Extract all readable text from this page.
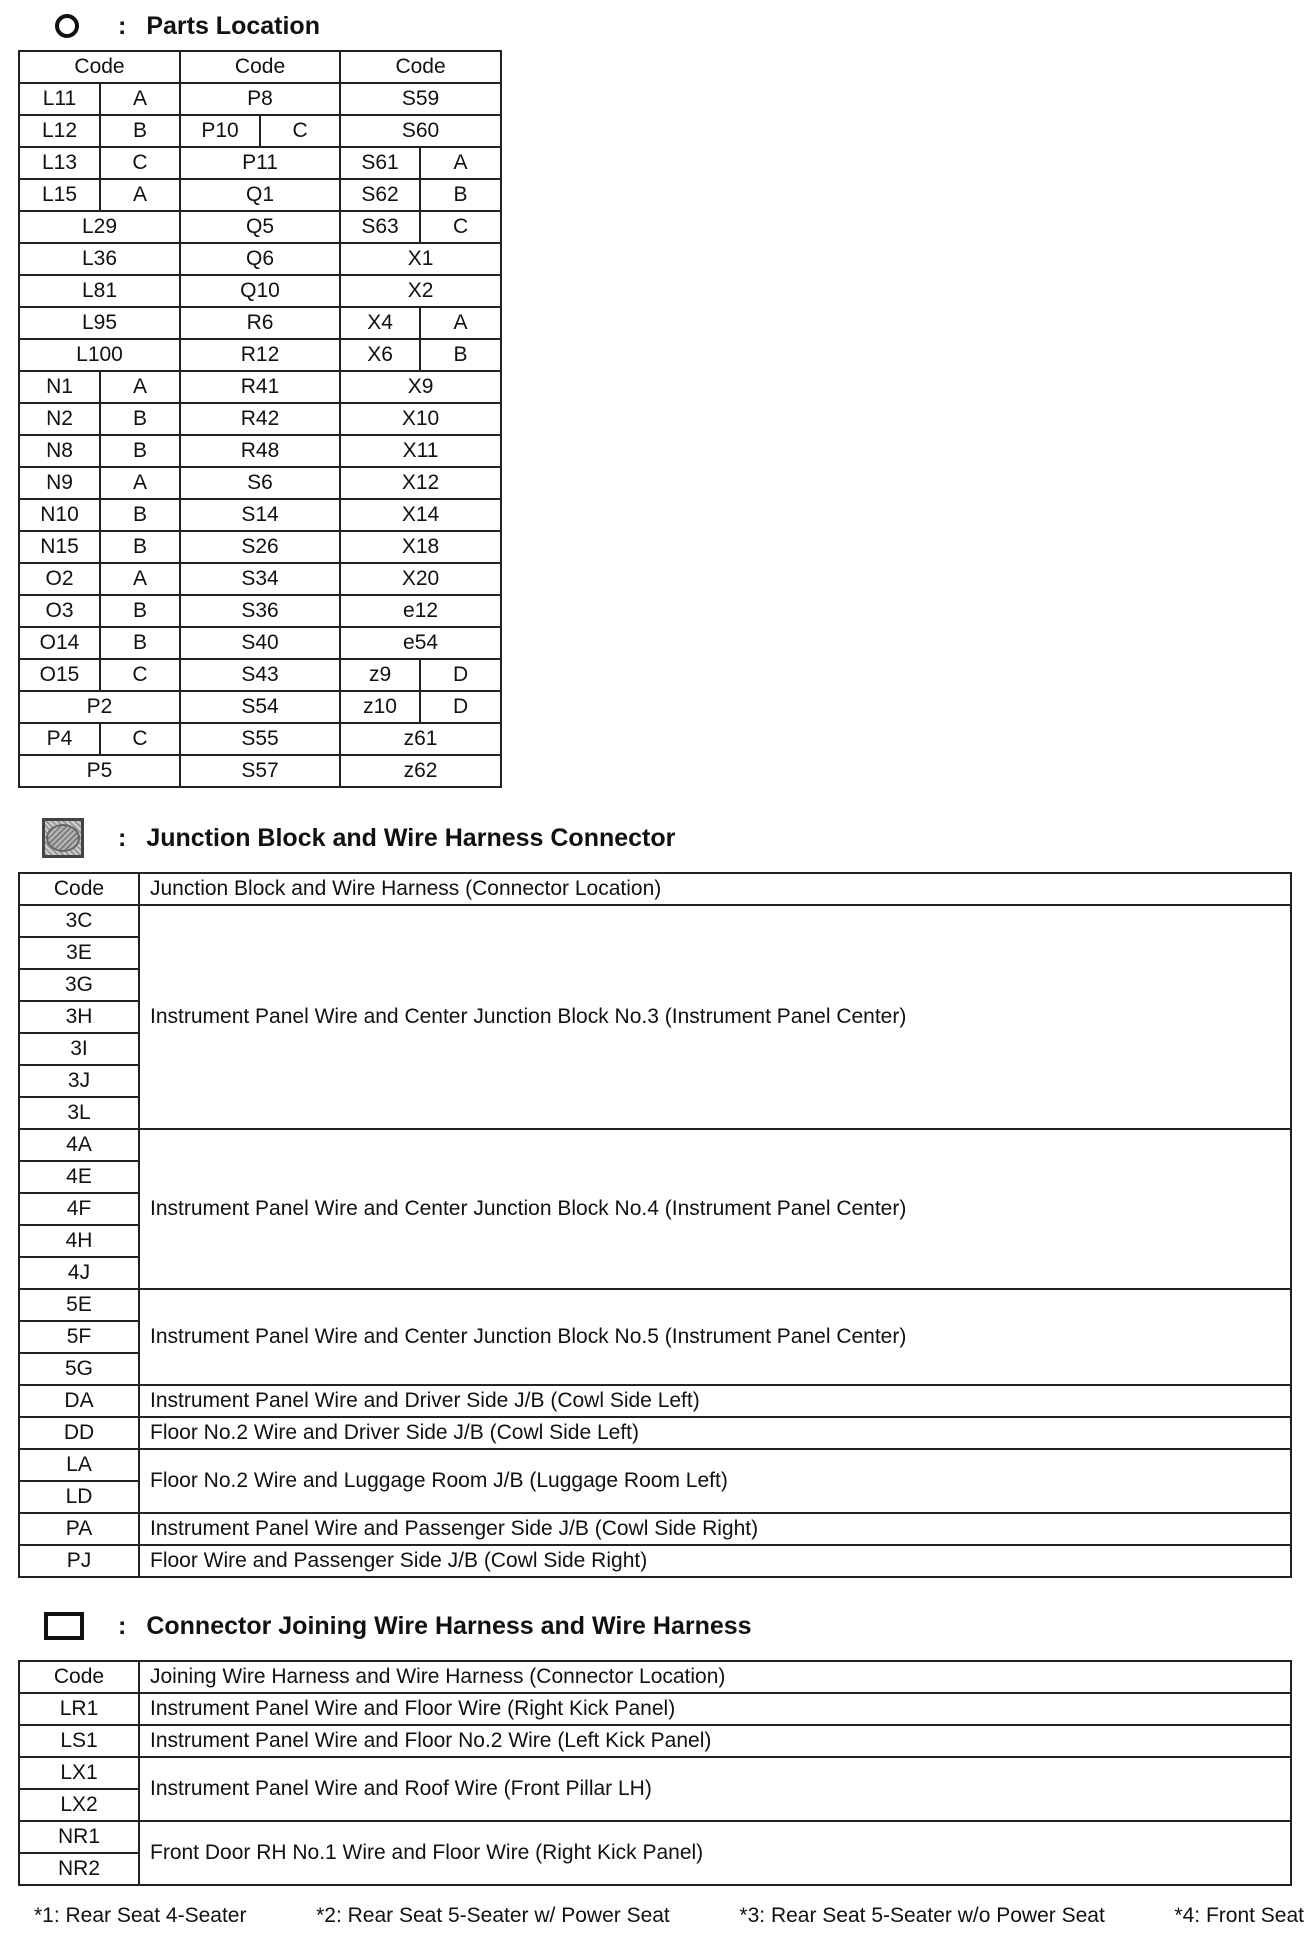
: Parts Location
Code		Code		Code	
L11	A	P8		S59	
L12	B	P10	C	S60	
L13	C	P11		S61	A
L15	A	Q1		S62	B
L29		Q5		S63	C
L36		Q6		X1	
L81		Q10		X2	
L95		R6		X4	A
L100		R12		X6	B
N1	A	R41		X9	
N2	B	R42		X10	
N8	B	R48		X11	
N9	A	S6		X12	
N10	B	S14		X14	
N15	B	S26		X18	
O2	A	S34		X20	
O3	B	S36		e12	
O14	B	S40		e54	
O15	C	S43		z9	D
P2		S54		z10	D
P4	C	S55		z61	
P5		S57		z62	
: Junction Block and Wire Harness Connector
Code	Junction Block and Wire Harness (Connector Location)
3C	Instrument Panel Wire and Center Junction Block No.3 (Instrument Panel Center)
3E	
3G	
3H	
3I	
3J	
3L	
4A	Instrument Panel Wire and Center Junction Block No.4 (Instrument Panel Center)
4E	
4F	
4H	
4J	
5E	Instrument Panel Wire and Center Junction Block No.5 (Instrument Panel Center)
5F	
5G	
DA	Instrument Panel Wire and Driver Side J/B (Cowl Side Left)
DD	Floor No.2 Wire and Driver Side J/B (Cowl Side Left)
LA	Floor No.2 Wire and Luggage Room J/B (Luggage Room Left)
LD	
PA	Instrument Panel Wire and Passenger Side J/B (Cowl Side Right)
PJ	Floor Wire and Passenger Side J/B (Cowl Side Right)
: Connector Joining Wire Harness and Wire Harness
Code	Joining Wire Harness and Wire Harness (Connector Location)
LR1	Instrument Panel Wire and Floor Wire (Right Kick Panel)
LS1	Instrument Panel Wire and Floor No.2 Wire (Left Kick Panel)
LX1	Instrument Panel Wire and Roof Wire (Front Pillar LH)
LX2	
NR1	Front Door RH No.1 Wire and Floor Wire (Right Kick Panel)
NR2	
*1: Rear Seat 4-Seater	*2: Rear Seat 5-Seater w/ Power Seat	*3: Rear Seat 5-Seater w/o Power Seat	*4: Front Seat
